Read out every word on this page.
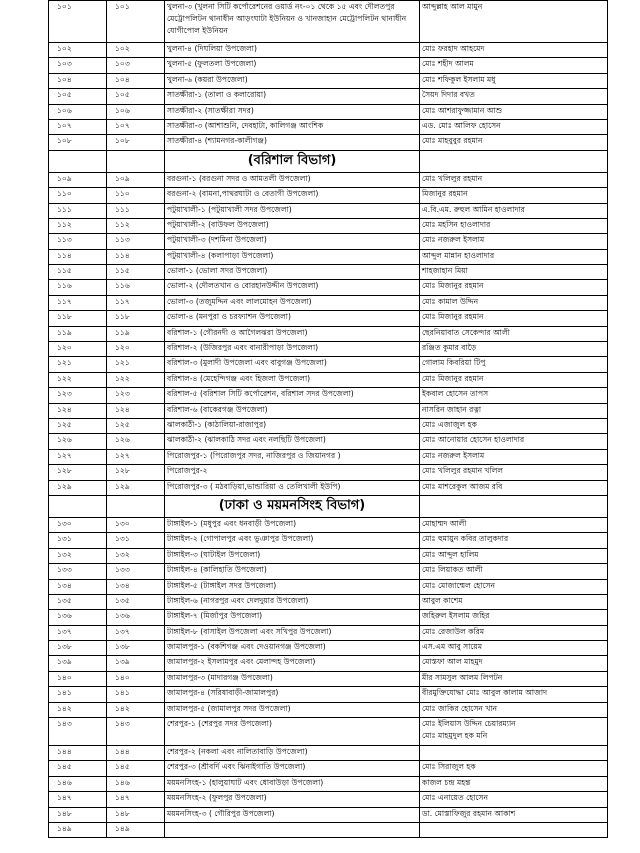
১০১	১০১	খুলনা-৩ (খুলনা সিটি কর্পোরেশনের ওয়ার্ড নং-০১ থেকে ১৫ এবং দৌলতপুর মেট্রোপলিটন থানাধীন আড়ংঘাটা ইউনিয়ন ও খানজাহান মেট্রোপলিটন থানাধীন যোগীপোল ইউনিয়ন	আব্দুল্লাহ আল মামুন
১০২	১০২	খুলনা-৪ (দিঘলিয়া উপজেলা)	মোঃ ফরহাদ আহমেদ
১০৩	১০৩	খুলনা-৫ (ফুলতলা উপজেলা)	মোঃ শহীদ আলম
১০৪	১০৪	খুলনা-৬ (কয়রা উপজেলা)	মোঃ শফিকুল ইসলাম মধু
১০৫	১০৫	সাতক্ষীরা-১ (তালা ও কলারোয়া)	সৈয়দ দিদার বখত
১০৬	১০৬	সাতক্ষীরা-২ (সাতক্ষীরা সদর)	মোঃ আশরাফুজ্জামান আশু
১০৭	১০৭	সাতক্ষীরা-৩ (আশাশুনি, দেবহাটা, কালিগঞ্জ আংশিক	এড. মোঃ আলিফ হোসেন
১০৮	১০৮	সাতক্ষীরা-৪ (শ্যামনগর-কালীগঞ্জ)	মোঃ মাহবুবুর রহমান
		(বরিশাল বিভাগ)	
১০৯	১০৯	বরগুনা-১ (বরগুনা সদর ও আমতলী উপজেলা)	মোঃ খলিলুর রহমান
১১০	১১০	বরগুনা-২ (বামনা,পাথরঘাটা ও বেতাগী উপজেলা)	মিজানুর রহমান
১১১	১১১	পটুয়াখালী-১ (পটুয়াখালী সদর উপজেলা)	এ.বি.এম. রুহুল আমিন হাওলাদার
১১২	১১২	পটুয়াখালী-২ (বাউফল উপজেলা)	মোঃ মহসিন হাওলাদার
১১৩	১১৩	পটুয়াখালী-৩ (দশমিনা উপজেলা)	মোঃ নজরুল ইসলাম
১১৪	১১৪	পটুয়াখালী-৪ (কলাপাড়া উপজেলা)	আব্দুল মান্নান হাওলাদার
১১৫	১১৫	ভোলা-১ (ভোলা সদর উপজেলা)	শাহজাহান মিয়া
১১৬	১১৬	ভোলা-২ (দৌলতখান ও বোরহানউদ্দীন উপজেলা)	মোঃ মিজানুর রহমান
১১৭	১১৭	ভোলা-৩ (তজুমদ্দিন এবং লালমোহন উপজেলা)	মোঃ কামাল উদ্দিন
১১৮	১১৮	ভোলা-৪ (মনপুরা ও চরফ্যাশন উপজেলা)	মোঃ মিজানুর রহমান
১১৯	১১৯	বরিশাল-১ (গৌরনদী ও আগৈলঝরা উপজেলা)	ছেরনিয়াবাত সেকেন্দার আলী
১২০	১২০	বরিশাল-২ (উজিরপুর এবং বানারীপাড়া উপজেলা)	রঞ্জিত কুমার বাড়ৈ
১২১	১২১	বরিশাল-৩ (মুলাদী উপজেলা এবং বাবুগঞ্জ উপজেলা)	গোলাম কিবরিয়া টিপু
১২২	১২২	বরিশাল-৪ (মেহেন্দিগঞ্জ এবং হিজলা উপজেলা)	মোঃ মিজানুর রহমান
১২৩	১২৩	বরিশাল-৫ (বরিশাল সিটি কর্পোরেশন, বরিশাল সদর উপজেলা)	ইকবাল হোসেন তাপস
১২৪	১২৪	বরিশাল-৬ (বাকেরগঞ্জ উপজেলা)	নাসরিন জাহান রত্না
১২৫	১২৫	ঝালকাঠী-১ (কাঠালিয়া-রাজাপুর)	মোঃ এজাজুল হক
১২৬	১২৬	ঝালকাঠী-২ (ঝালকাঠি সদর এবং নলছিটি উপজেলা)	মোঃ আনোয়ার হোসেন হাওলাদার
১২৭	১২৭	পিরোজপুর-১ (পিরোজপুর সদর, নাজিরপুর ও জিয়ানগর )	মোঃ নজরুল ইসলাম
১২৮	১২৮	পিরোজপুর-২	মোঃ খলিলুর রহমান খলিল
১২৯	১২৯	পিরোজপুর-৩ ( মঠবাড়িয়া,ভান্ডারিয়া ও তেলিখালী ইউপি)	মোঃ মাশরেকুল আজম রবি
		(ঢাকা ও ময়মনসিংহ বিভাগ)	
১৩০	১৩০	টাঙ্গাইল-১ (মধুপুর এবং ধনবাড়ী উপজেলা)	মোহাম্মদ আলী
১৩১	১৩১	টাঙ্গাইল-২ (গোপালপুর এবং ভুঞাপুর উপজেলা)	মোঃ হুমায়ুন কবির তালুকদার
১৩২	১৩২	টাঙ্গাইল-৩ (ঘাটাইল উপজেলা)	মোঃ আব্দুল হালিম
১৩৩	১৩৩	টাঙ্গাইল-৪ (কালিহাতি উপজেলা)	মোঃ লিয়াকত আলী
১৩৪	১৩৪	টাঙ্গাইল-৫ (টাঙ্গাইল সদর উপজেলা)	মোঃ মোজাম্মেল হোসেন
১৩৫	১৩৫	টাঙ্গাইল-৬ (নাগরপুর এবং দেলদুয়ার উপজেলা)	আবুল কাশেম
১৩৬	১৩৬	টাঙ্গাইল-৭ (মির্জাপুর উপজেলা)	জহিরুল ইসলাম জহির
১৩৭	১৩৭	টাঙ্গাইল-৮ (বাসাইল উপজেলা এবং সখিপুর উপজেলা)	মোঃ রেজাউল করিম
১৩৮	১৩৮	জামালপুর-১ (বকশিগঞ্জ এবং দেওয়ানগঞ্জ উপজেলা)	এস.এম আবু সায়েম
১৩৯	১৩৯	জামালপুর-২ ইসলামপুর এবং মেলান্দহ উপজেলা)	মোস্তফা আল মাহমুদ
১৪০	১৪০	জামালপুর-৩ (মাদারগঞ্জ উপজেলা)	মীর সামসুল আলম লিপটন
১৪১	১৪১	জামালপুর-৪ (সরিষাবাড়ী-জামালপুর)	বীরমুক্তিযোদ্ধা মোঃ আবুল কালাম আজাদ
১৪২	১৪২	জামালপুর-৫ (জামালপুর সদর উপজেলা)	মোঃ জাকির হোসেন খান
১৪৩	১৪৩	শেরপুর-১ (শেরপুর সদর উপজেলা)	মোঃ ইলিয়াস উদ্দিন চেয়ারম্যান
মোঃ মাহমুদুল হক মনি

১৪৪	১৪৪	শেরপুর-২ (নকলা এবং নালিতাবাড়ি উপজেলা)	
১৪৫	১৪৫	শেরপুর-৩ (শ্রীবর্দি এবং ঝিনাইগাতি উপজেলা)	মোঃ সিরাজুল হক
১৪৬	১৪৬	ময়মনসিংহ-১ (হালুয়াঘাট এবং ধোবাউড়া উপজেলা)	কাজল চন্দ্র মহন্ত
১৪৭	১৪৭	ময়মনসিংহ-২ (ফুলপুর উপজেলা)	মোঃ এনায়েত হোসেন
১৪৮	১৪৮	ময়মনসিংহ-৩ ( গৌরিপুর উপজেলা)	ডা. মোস্তাফিজুর রহমান আকাশ
১৪৯	১৪৯		
